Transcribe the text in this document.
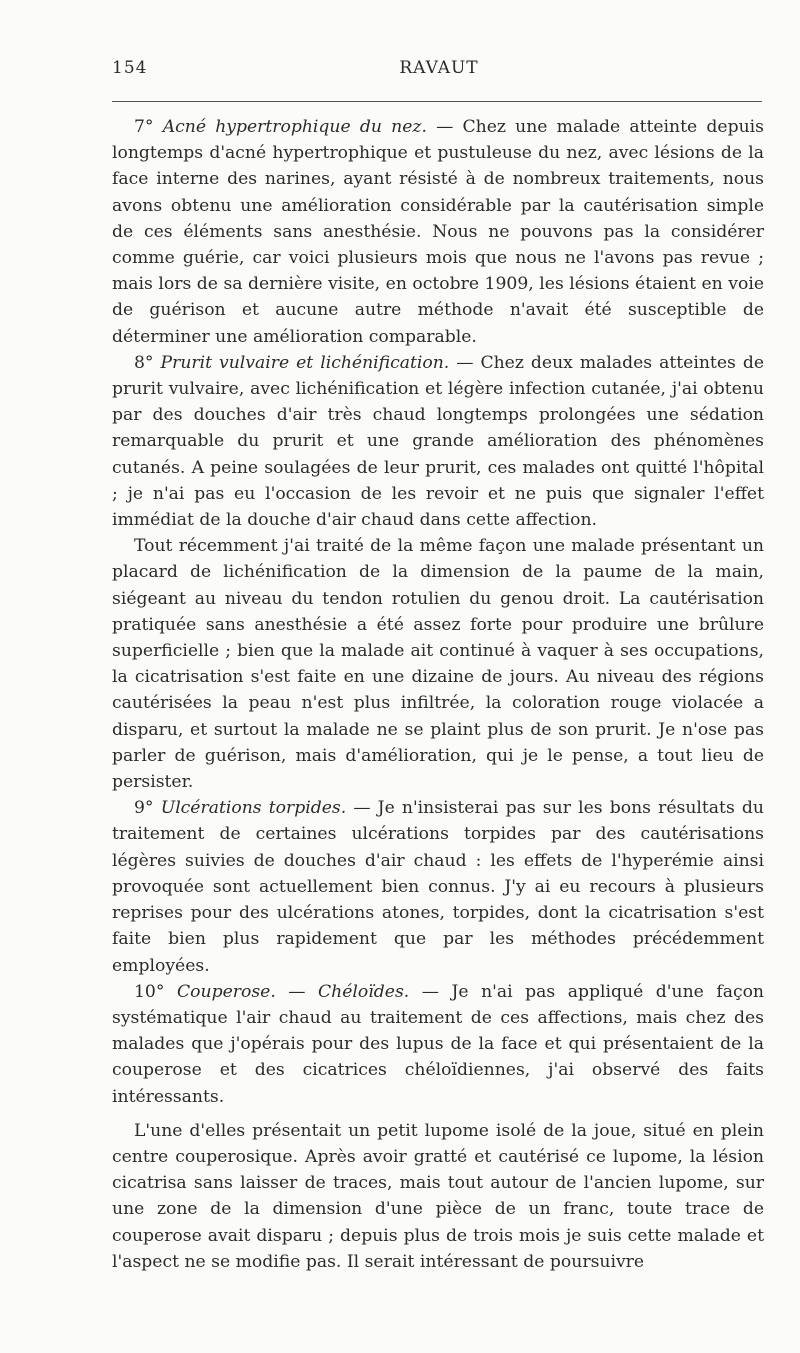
154	RAVAUT

7° Acné hypertrophique du nez. — Chez une malade atteinte depuis longtemps d'acné hypertrophique et pustuleuse du nez, avec lésions de la face interne des narines, ayant résisté à de nombreux traitements, nous avons obtenu une amélioration considérable par la cautérisation simple de ces éléments sans anesthésie. Nous ne pouvons pas la considérer comme guérie, car voici plusieurs mois que nous ne l'avons pas revue ; mais lors de sa dernière visite, en octobre 1909, les lésions étaient en voie de guérison et aucune autre méthode n'avait été susceptible de déterminer une amélioration comparable.

8° Prurit vulvaire et lichénification. — Chez deux malades atteintes de prurit vulvaire, avec lichénification et légère infection cutanée, j'ai obtenu par des douches d'air très chaud longtemps prolongées une sédation remarquable du prurit et une grande amélioration des phénomènes cutanés. A peine soulagées de leur prurit, ces malades ont quitté l'hôpital ; je n'ai pas eu l'occasion de les revoir et ne puis que signaler l'effet immédiat de la douche d'air chaud dans cette affection.

Tout récemment j'ai traité de la même façon une malade présentant un placard de lichénification de la dimension de la paume de la main, siégeant au niveau du tendon rotulien du genou droit. La cautérisation pratiquée sans anesthésie a été assez forte pour produire une brûlure superficielle ; bien que la malade ait continué à vaquer à ses occupations, la cicatrisation s'est faite en une dizaine de jours. Au niveau des régions cautérisées la peau n'est plus infiltrée, la coloration rouge violacée a disparu, et surtout la malade ne se plaint plus de son prurit. Je n'ose pas parler de guérison, mais d'amélioration, qui je le pense, a tout lieu de persister.

9° Ulcérations torpides. — Je n'insisterai pas sur les bons résultats du traitement de certaines ulcérations torpides par des cautérisations légères suivies de douches d'air chaud : les effets de l'hyperémie ainsi provoquée sont actuellement bien connus. J'y ai eu recours à plusieurs reprises pour des ulcérations atones, torpides, dont la cicatrisation s'est faite bien plus rapidement que par les méthodes précédemment employées.

10° Couperose. — Chéloïdes. — Je n'ai pas appliqué d'une façon systématique l'air chaud au traitement de ces affections, mais chez des malades que j'opérais pour des lupus de la face et qui présentaient de la couperose et des cicatrices chéloïdiennes, j'ai observé des faits intéressants.

L'une d'elles présentait un petit lupome isolé de la joue, situé en plein centre couperosique. Après avoir gratté et cautérisé ce lupome, la lésion cicatrisa sans laisser de traces, mais tout autour de l'ancien lupome, sur une zone de la dimension d'une pièce de un franc, toute trace de couperose avait disparu ; depuis plus de trois mois je suis cette malade et l'aspect ne se modifie pas. Il serait intéressant de poursuivre
